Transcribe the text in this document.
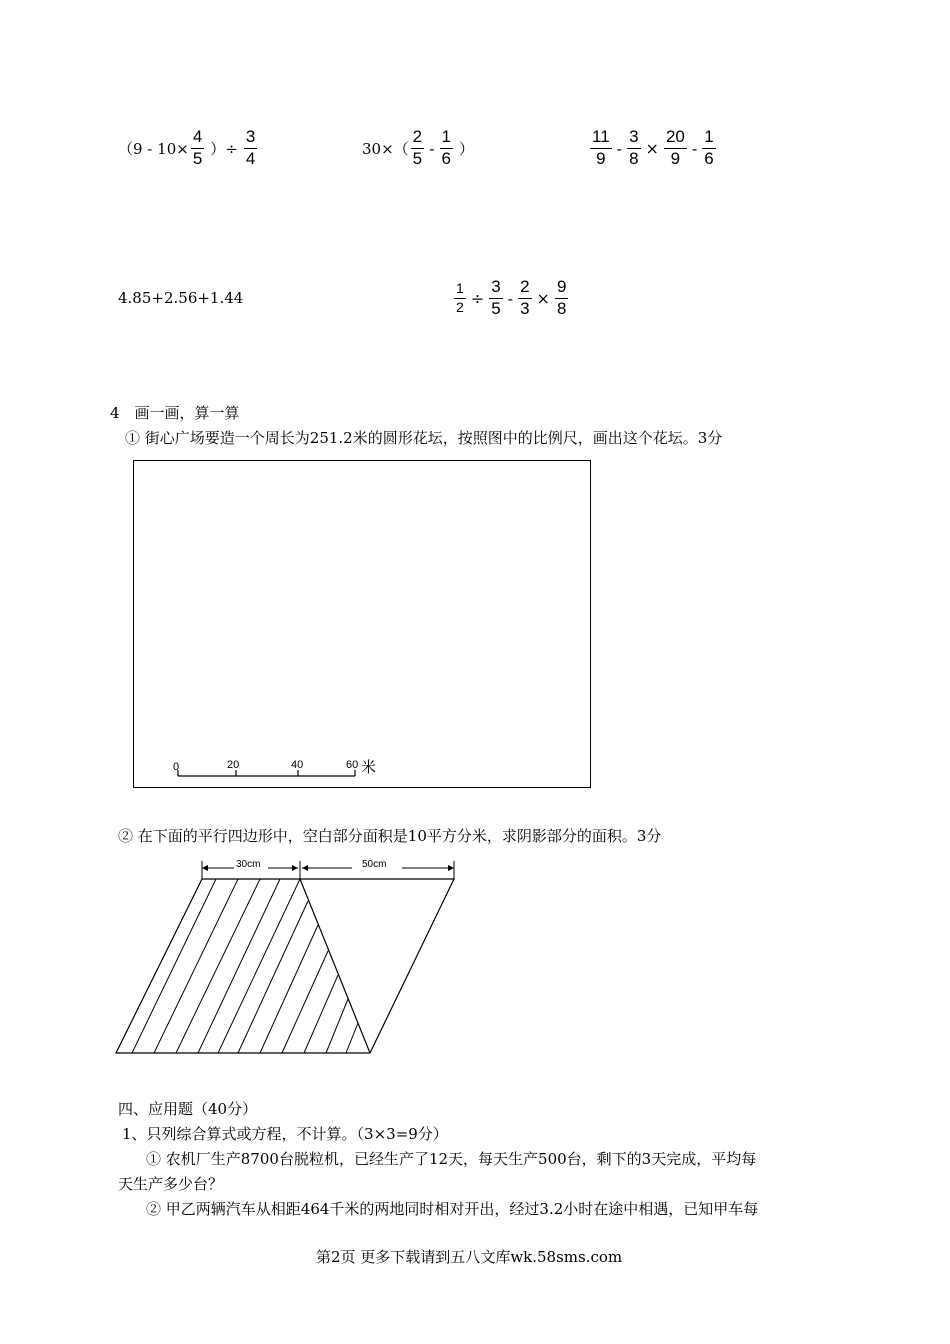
（$9 - 10\times \frac{4}{5}$ ）÷ $\frac{3}{4}$	$30\times( \frac{2}{5} - \frac{1}{6}$ ）	$\frac{11}{9} - \frac{3}{8} \times \frac{20}{9} - \frac{1}{6}$
4.85+2.56+1.44	$\frac{1}{2} \div \frac{3}{5} - \frac{2}{3} \times \frac{9}{8}$
4　画一画，算一算
① 街心广场要造一个周长为251.2米的圆形花坛，按照图中的比例尺，画出这个花坛。3分
0	20	40	60 米
② 在下面的平行四边形中，空白部分面积是10平方分米，求阴影部分的面积。3分
30cm	50cm
四、应用题（40分）
1、只列综合算式或方程，不计算。（3×3=9分）
① 农机厂生产8700台脱粒机，已经生产了12天，每天生产500台，剩下的3天完成，平均每
天生产多少台？
② 甲乙两辆汽车从相距464千米的两地同时相对开出，经过3.2小时在途中相遇，已知甲车每
第2页 更多下载请到五八文库wk.58sms.com
